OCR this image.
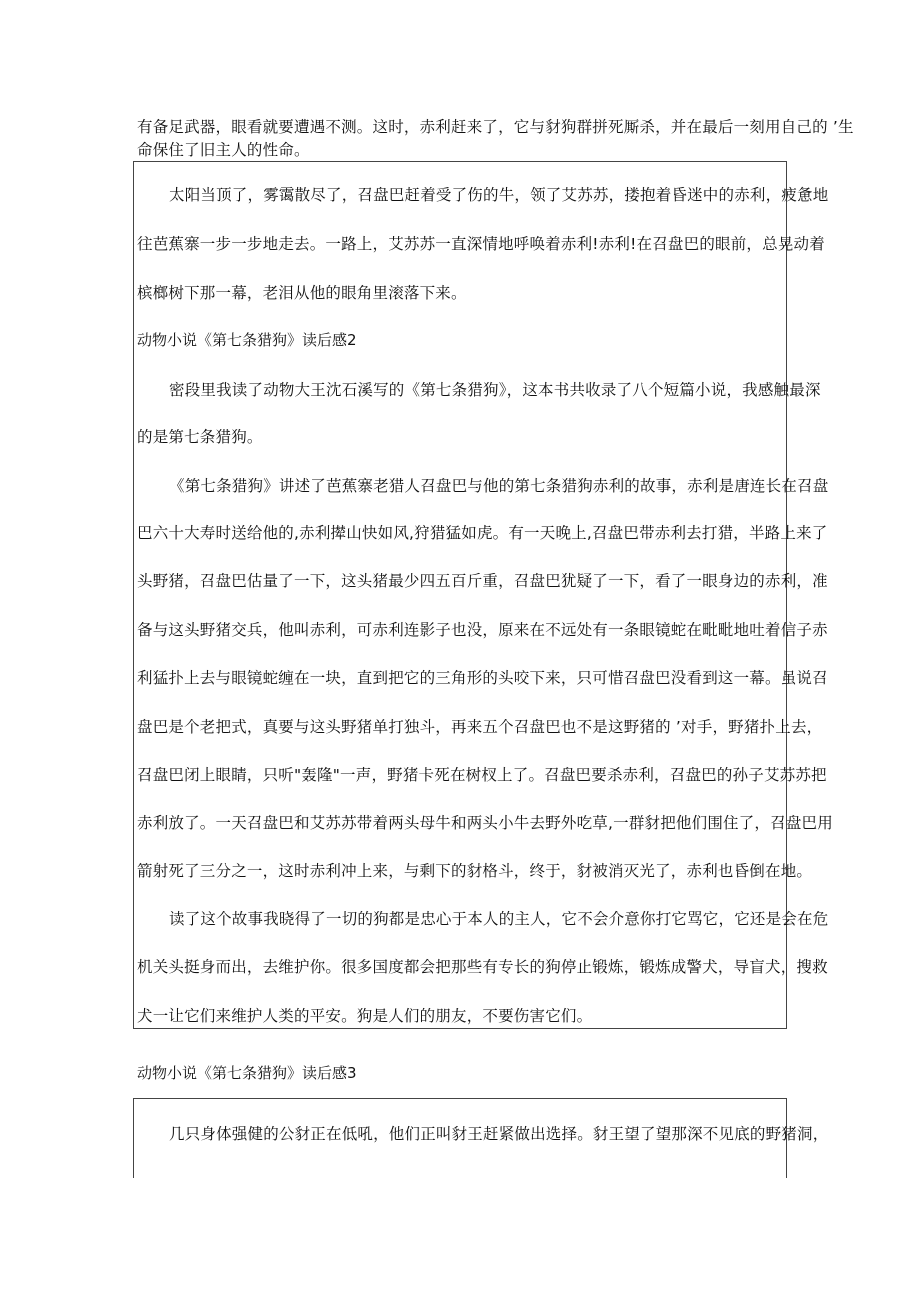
有备足武器，眼看就要遭遇不测。这时，赤利赶来了，它与豺狗群拼死厮杀，并在最后一刻用自己的 ’生
命保住了旧主人的性命。
太阳当顶了，雾霭散尽了，召盘巴赶着受了伤的牛，领了艾苏苏，搂抱着昏迷中的赤利，疲惫地
往芭蕉寨一步一步地走去。一路上，艾苏苏一直深情地呼唤着赤利!赤利!在召盘巴的眼前，总晃动着
槟榔树下那一幕，老泪从他的眼角里滚落下来。
动物小说《第七条猎狗》读后感2
密段里我读了动物大王沈石溪写的《第七条猎狗》，这本书共收录了八个短篇小说，我感触最深
的是第七条猎狗。
《第七条猎狗》讲述了芭蕉寨老猎人召盘巴与他的第七条猎狗赤利的故事，赤利是唐连长在召盘
巴六十大寿时送给他的,赤利撵山快如风,狩猎猛如虎。有一天晚上,召盘巴带赤利去打猎，半路上来了
头野猪，召盘巴估量了一下，这头猪最少四五百斤重，召盘巴犹疑了一下，看了一眼身边的赤利，准
备与这头野猪交兵，他叫赤利，可赤利连影子也没，原来在不远处有一条眼镜蛇在毗毗地吐着信子赤
利猛扑上去与眼镜蛇缠在一块，直到把它的三角形的头咬下来，只可惜召盘巴没看到这一幕。虽说召
盘巴是个老把式，真要与这头野猪单打独斗，再来五个召盘巴也不是这野猪的 ’对手，野猪扑上去，
召盘巴闭上眼睛，只听"轰隆"一声，野猪卡死在树杈上了。召盘巴要杀赤利，召盘巴的孙子艾苏苏把
赤利放了。一天召盘巴和艾苏苏带着两头母牛和两头小牛去野外吃草,一群豺把他们围住了，召盘巴用
箭射死了三分之一，这时赤利冲上来，与剩下的豺格斗，终于，豺被消灭光了，赤利也昏倒在地。
读了这个故事我晓得了一切的狗都是忠心于本人的主人，它不会介意你打它骂它，它还是会在危
机关头挺身而出，去维护你。很多国度都会把那些有专长的狗停止锻炼，锻炼成警犬，导盲犬，搜救
犬一让它们来维护人类的平安。狗是人们的朋友，不要伤害它们。
动物小说《第七条猎狗》读后感3
几只身体强健的公豺正在低吼，他们正叫豺王赶紧做出选择。豺王望了望那深不见底的野猪洞，
